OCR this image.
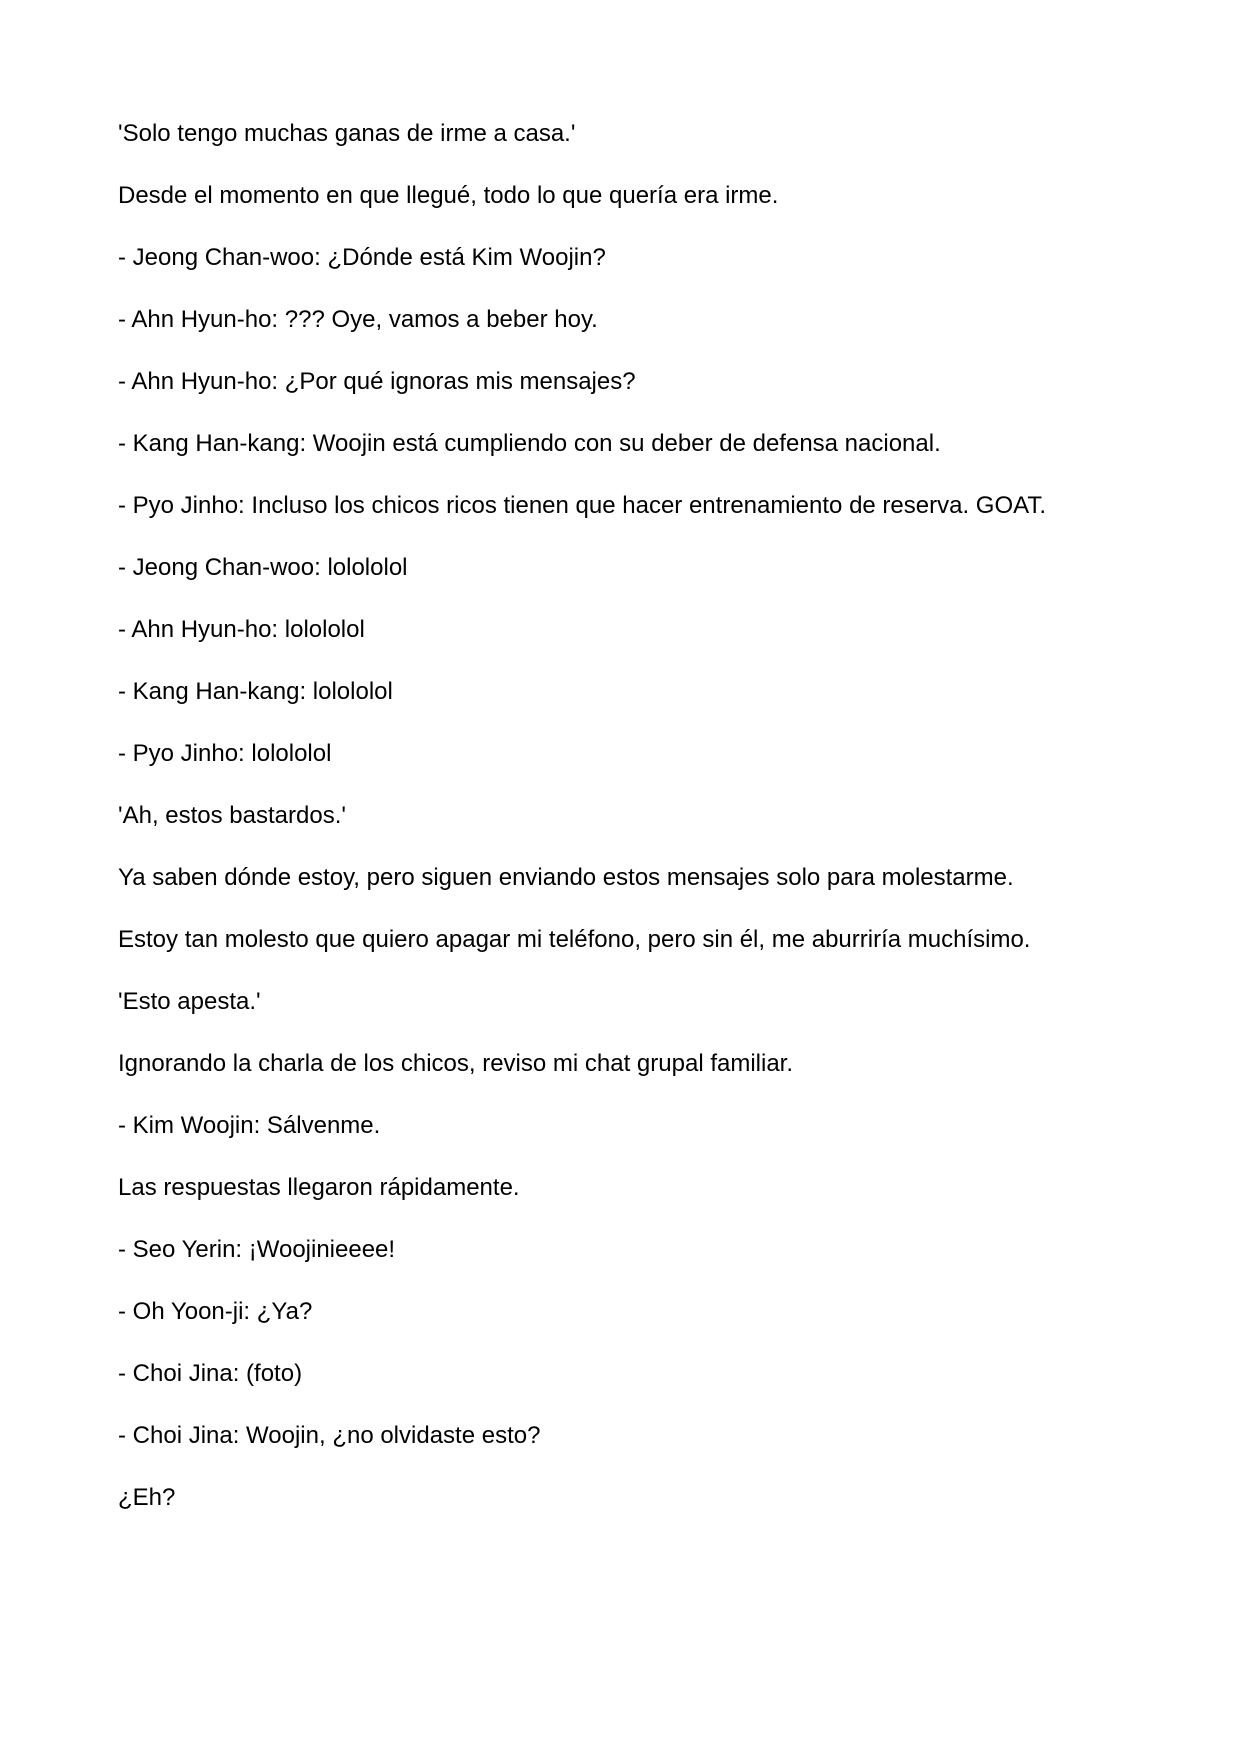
'Solo tengo muchas ganas de irme a casa.'

Desde el momento en que llegué, todo lo que quería era irme.

- Jeong Chan-woo: ¿Dónde está Kim Woojin?

- Ahn Hyun-ho: ??? Oye, vamos a beber hoy.

- Ahn Hyun-ho: ¿Por qué ignoras mis mensajes?

- Kang Han-kang: Woojin está cumpliendo con su deber de defensa nacional.

- Pyo Jinho: Incluso los chicos ricos tienen que hacer entrenamiento de reserva. GOAT.

- Jeong Chan-woo: lolololol

- Ahn Hyun-ho: lolololol

- Kang Han-kang: lolololol

- Pyo Jinho: lolololol

'Ah, estos bastardos.'

Ya saben dónde estoy, pero siguen enviando estos mensajes solo para molestarme.

Estoy tan molesto que quiero apagar mi teléfono, pero sin él, me aburriría muchísimo.

'Esto apesta.'

Ignorando la charla de los chicos, reviso mi chat grupal familiar.

- Kim Woojin: Sálvenme.

Las respuestas llegaron rápidamente.

- Seo Yerin: ¡Woojinieeee!

- Oh Yoon-ji: ¿Ya?

- Choi Jina: (foto)

- Choi Jina: Woojin, ¿no olvidaste esto?

¿Eh?
